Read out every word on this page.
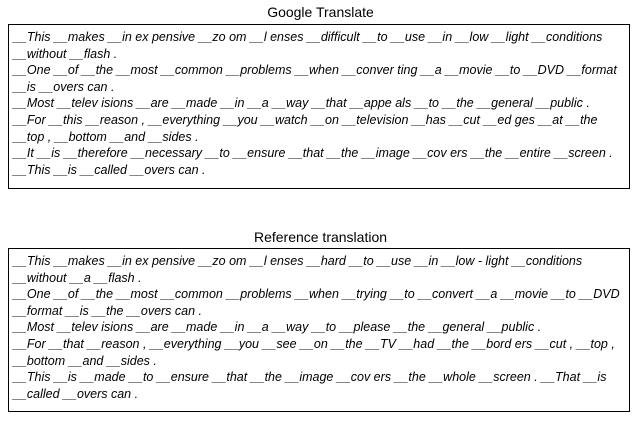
Google Translate
__This __makes __in ex pensive __zo om __l enses __difficult __to __use __in __low __light __conditions
__without __flash .
__One __of __the __most __common __problems __when __conver ting __a __movie __to __DVD __format
__is __overs can .
__Most __telev isions __are __made __in __a __way __that __appe als __to __the __general __public .
__For __this __reason , __everything __you __watch __on __television __has __cut __ed ges __at __the
__top , __bottom __and __sides .
__It __is __therefore __necessary __to __ensure __that __the __image __cov ers __the __entire __screen .
__This __is __called __overs can .
Reference translation
__This __makes __in ex pensive __zo om __l enses __hard __to __use __in __low - light __conditions
__without __a __flash .
__One __of __the __most __common __problems __when __trying __to __convert __a __movie __to __DVD
__format __is __the __overs can .
__Most __telev isions __are __made __in __a __way __to __please __the __general __public .
__For __that __reason , __everything __you __see __on __the __TV __had __the __bord ers __cut , __top ,
__bottom __and __sides .
__This __is __made __to __ensure __that __the __image __cov ers __the __whole __screen . __That __is
__called __overs can .
